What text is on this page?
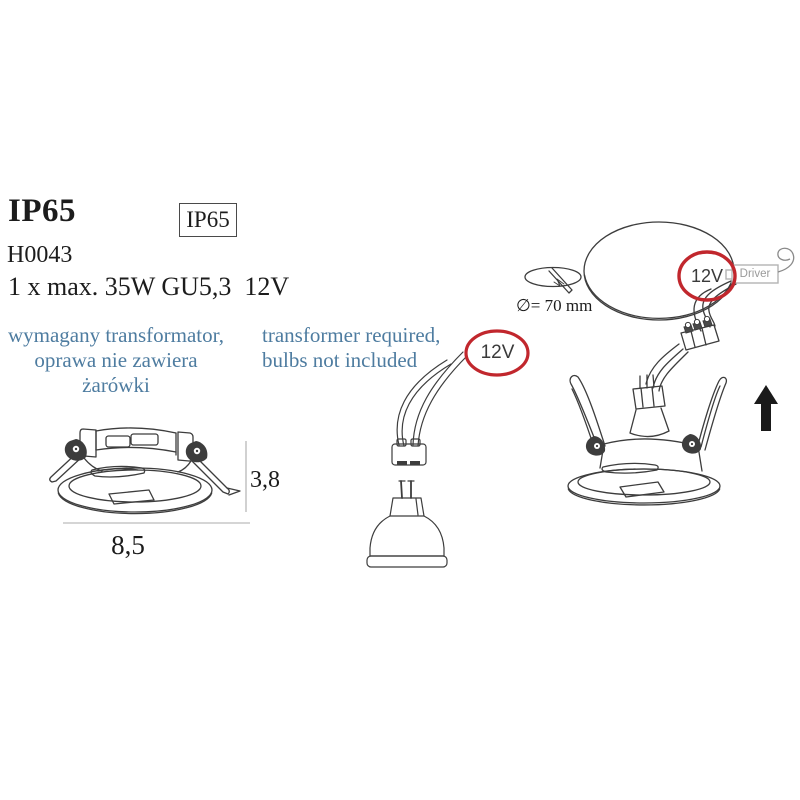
IP65	IP65
H0043
1 x max. 35W GU5,3  12V
wymagany transformator,
oprawa nie zawiera żarówki
transformer required,
bulbs not included
3,8
8,5
12V
∅= 70 mm
12V	Driver
